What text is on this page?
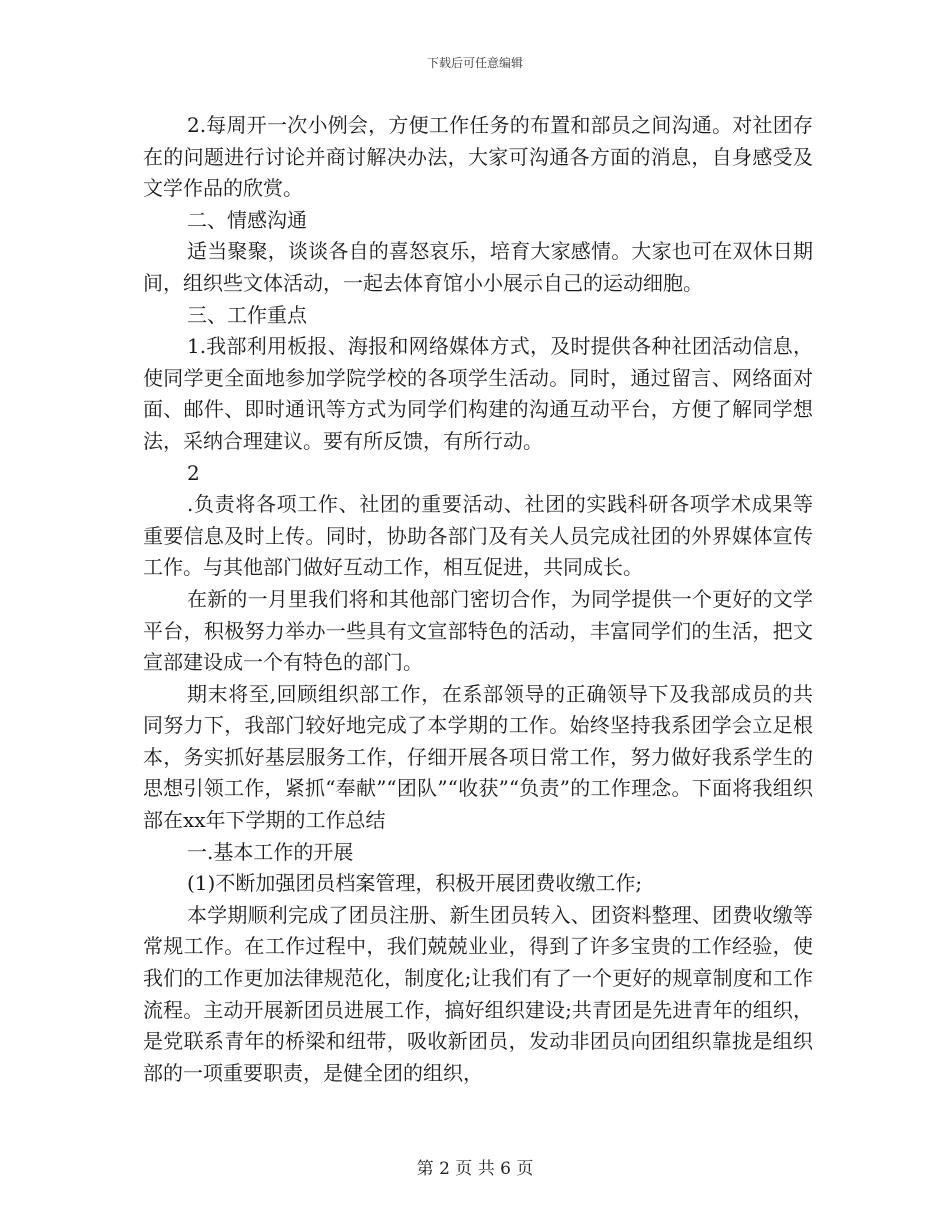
下载后可任意编辑

2.每周开一次小例会，方便工作任务的布置和部员之间沟通。对社团存在的问题进行讨论并商讨解决办法，大家可沟通各方面的消息，自身感受及文学作品的欣赏。

二、情感沟通

适当聚聚，谈谈各自的喜怒哀乐，培育大家感情。大家也可在双休日期间，组织些文体活动，一起去体育馆小小展示自己的运动细胞。

三、工作重点

1.我部利用板报、海报和网络媒体方式，及时提供各种社团活动信息，使同学更全面地参加学院学校的各项学生活动。同时，通过留言、网络面对面、邮件、即时通讯等方式为同学们构建的沟通互动平台，方便了解同学想法，采纳合理建议。要有所反馈，有所行动。

2

.负责将各项工作、社团的重要活动、社团的实践科研各项学术成果等重要信息及时上传。同时，协助各部门及有关人员完成社团的外界媒体宣传工作。与其他部门做好互动工作，相互促进，共同成长。

在新的一月里我们将和其他部门密切合作，为同学提供一个更好的文学平台，积极努力举办一些具有文宣部特色的活动，丰富同学们的生活，把文宣部建设成一个有特色的部门。

期末将至,回顾组织部工作，在系部领导的正确领导下及我部成员的共同努力下，我部门较好地完成了本学期的工作。始终坚持我系团学会立足根本，务实抓好基层服务工作，仔细开展各项日常工作，努力做好我系学生的思想引领工作，紧抓“奉献”“团队”“收获”“负责”的工作理念。下面将我组织部在xx年下学期的工作总结

一.基本工作的开展

(1)不断加强团员档案管理，积极开展团费收缴工作;

本学期顺利完成了团员注册、新生团员转入、团资料整理、团费收缴等常规工作。在工作过程中，我们兢兢业业，得到了许多宝贵的工作经验，使我们的工作更加法律规范化，制度化;让我们有了一个更好的规章制度和工作流程。主动开展新团员进展工作，搞好组织建设;共青团是先进青年的组织，是党联系青年的桥梁和纽带，吸收新团员，发动非团员向团组织靠拢是组织部的一项重要职责，是健全团的组织，

第 2 页 共 6 页
